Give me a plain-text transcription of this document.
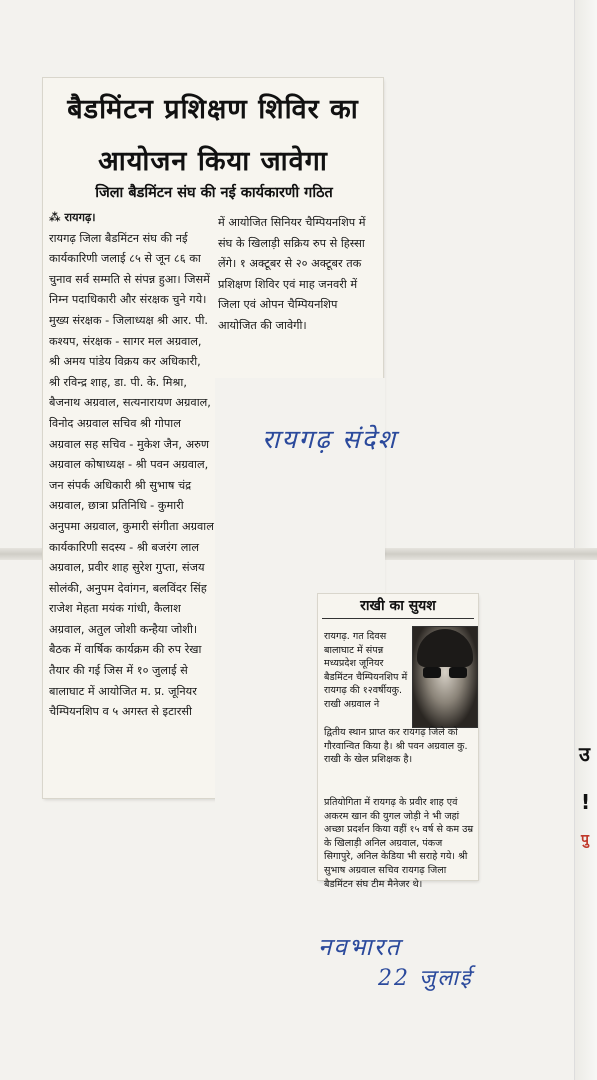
उ
!
पु
बैडमिंटन प्रशिक्षण शिविर का
आयोजन किया जावेगा
जिला बैडमिंटन संघ की नई कार्यकारणी गठित

⁂ रायगढ़।

रायगढ़ जिला बैडमिंटन संघ की नई कार्यकारिणी जलाई ८५ से जून ८६ का चुनाव सर्व सम्मति से संपन्न हुआ। जिसमें निम्न पदाधिकारी और संरक्षक चुने गये। मुख्य संरक्षक - जिलाध्यक्ष श्री आर. पी. कश्यप, संरक्षक - सागर मल अग्रवाल, श्री अमय पांडेय विक्रय कर अधिकारी, श्री रविन्द्र शाह, डा. पी. के. मिश्रा, बैजनाथ अग्रवाल, सत्यनारायण अग्रवाल, विनोद अग्रवाल सचिव श्री गोपाल अग्रवाल सह सचिव - मुकेश जैन, अरुण अग्रवाल कोषाध्यक्ष - श्री पवन अग्रवाल, जन संपर्क अधिकारी श्री सुभाष चंद्र अग्रवाल, छात्रा प्रतिनिधि - कुमारी अनुपमा अग्रवाल, कुमारी संगीता अग्रवाल कार्यकारिणी सदस्य - श्री बजरंग लाल अग्रवाल, प्रवीर शाह सुरेश गुप्ता, संजय सोलंकी, अनुपम देवांगन, बलविंदर सिंह राजेश मेहता मयंक गांधी, कैलाश अग्रवाल, अतुल जोशी कन्हैया जोशी।

बैठक में वार्षिक कार्यक्रम की रुप रेखा तैयार की गई जिस में १० जुलाई से बालाघाट में आयोजित म. प्र. जूनियर चैम्पियनशिप व ५ अगस्त से इटारसी

में आयोजित सिनियर चैम्पियनशिप में संघ के खिलाड़ी सक्रिय रुप से हिस्सा लेंगे। १ अक्टूबर से २० अक्टूबर तक प्रशिक्षण शिविर एवं माह जनवरी में जिला एवं ओपन चैम्पियनशिप आयोजित की जावेगी।

रायगढ़ संदेश
राखी का सुयश

रायगढ़. गत दिवस बालाघाट में संपन्न मध्यप्रदेश जूनियर बैडमिंटन चैम्पियनशिप में रायगढ़ की १२वर्षीयकु. राखी अग्रवाल ने

द्वितीय स्थान प्राप्त कर रायगढ़ जिले को गौरवान्वित किया है। श्री पवन अग्रवाल कु. राखी के खेल प्रशिक्षक है।

प्रतियोगिता में रायगढ़ के प्रवीर शाह एवं अकरम खान की युगल जोड़ी ने भी जहां अच्छा प्रदर्शन किया वहीं १५ वर्ष से कम उम्र के खिलाड़ी अनिल अग्रवाल, पंकज सिगापुरे, अनिल केडिया भी सराहे गये। श्री सुभाष अग्रवाल सचिव रायगढ़ जिला बैडमिंटन संघ टीम मैनेजर थे।

नवभारत
22 जुलाई
